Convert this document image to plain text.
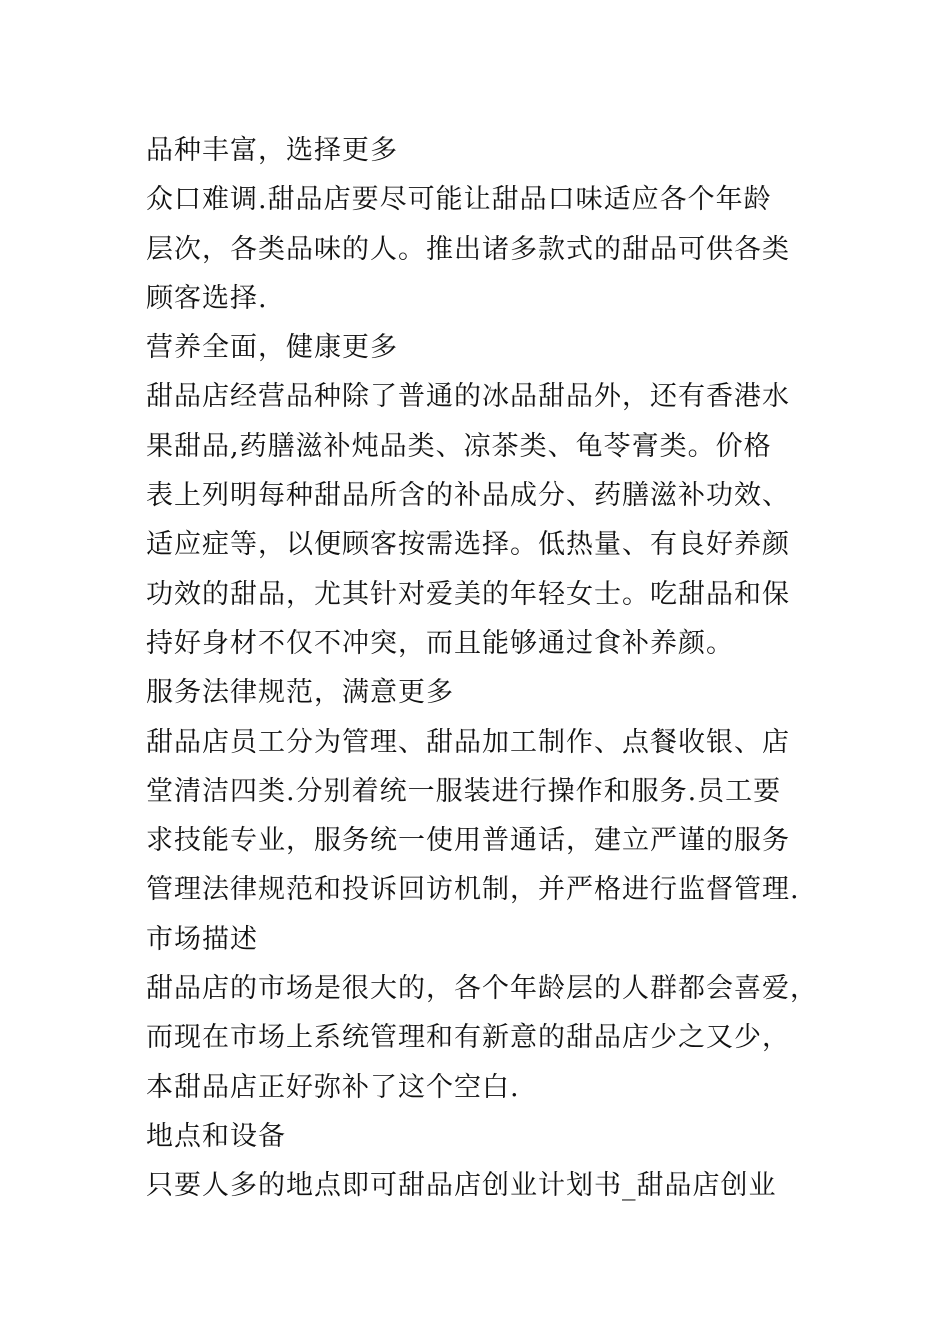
品种丰富，选择更多
众口难调.甜品店要尽可能让甜品口味适应各个年龄
层次，各类品味的人。推出诸多款式的甜品可供各类
顾客选择.
营养全面，健康更多
甜品店经营品种除了普通的冰品甜品外，还有香港水
果甜品,药膳滋补炖品类、凉茶类、龟苓膏类。价格
表上列明每种甜品所含的补品成分、药膳滋补功效、
适应症等，以便顾客按需选择。低热量、有良好养颜
功效的甜品，尤其针对爱美的年轻女士。吃甜品和保
持好身材不仅不冲突，而且能够通过食补养颜。
服务法律规范，满意更多
甜品店员工分为管理、甜品加工制作、点餐收银、店
堂清洁四类.分别着统一服装进行操作和服务.员工要
求技能专业，服务统一使用普通话，建立严谨的服务
管理法律规范和投诉回访机制，并严格进行监督管理.
市场描述
甜品店的市场是很大的，各个年龄层的人群都会喜爱，
而现在市场上系统管理和有新意的甜品店少之又少，
本甜品店正好弥补了这个空白.
地点和设备
只要人多的地点即可甜品店创业计划书_甜品店创业
